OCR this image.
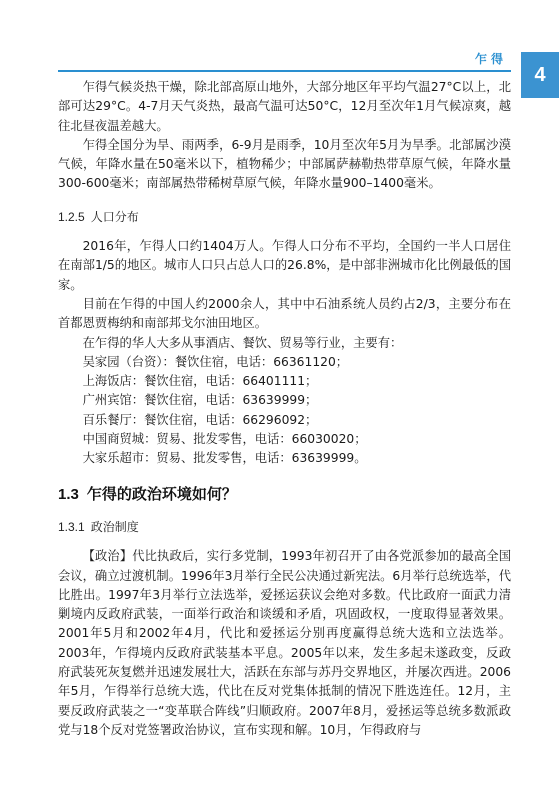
乍得
4

乍得气候炎热干燥，除北部高原山地外，大部分地区年平均气温27°C以上，北部可达29°C。4-7月天气炎热，最高气温可达50°C，12月至次年1月气候凉爽，越往北昼夜温差越大。

乍得全国分为旱、雨两季，6-9月是雨季，10月至次年5月为旱季。北部属沙漠气候，年降水量在50毫米以下，植物稀少；中部属萨赫勒热带草原气候，年降水量300-600毫米；南部属热带稀树草原气候，年降水量900–1400毫米。

1.2.5 人口分布

2016年，乍得人口约1404万人。乍得人口分布不平均，全国约一半人口居住在南部1/5的地区。城市人口只占总人口的26.8%，是中部非洲城市化比例最低的国家。

目前在乍得的中国人约2000余人，其中中石油系统人员约占2/3，主要分布在首都恩贾梅纳和南部邦戈尔油田地区。

在乍得的华人大多从事酒店、餐饮、贸易等行业，主要有：

吴家园（台资）：餐饮住宿，电话：66361120；

上海饭店：餐饮住宿，电话：66401111；

广州宾馆：餐饮住宿，电话：63639999；

百乐餐厅：餐饮住宿，电话：66296092；

中国商贸城：贸易、批发零售，电话：66030020；

大家乐超市：贸易、批发零售，电话：63639999。

1.3 乍得的政治环境如何？
1.3.1 政治制度

【政治】代比执政后，实行多党制，1993年初召开了由各党派参加的最高全国会议，确立过渡机制。1996年3月举行全民公决通过新宪法。6月举行总统选举，代比胜出。1997年3月举行立法选举，爱拯运获议会绝对多数。代比政府一面武力清剿境内反政府武装，一面举行政治和谈缓和矛盾，巩固政权，一度取得显著效果。2001年5月和2002年4月，代比和爱拯运分别再度赢得总统大选和立法选举。2003年，乍得境内反政府武装基本平息。2005年以来，发生多起未遂政变，反政府武装死灰复燃并迅速发展壮大，活跃在东部与苏丹交界地区，并屡次西进。2006年5月，乍得举行总统大选，代比在反对党集体抵制的情况下胜选连任。12月，主要反政府武装之一“变革联合阵线”归顺政府。2007年8月，爱拯运等总统多数派政党与18个反对党签署政治协议，宣布实现和解。10月，乍得政府与
